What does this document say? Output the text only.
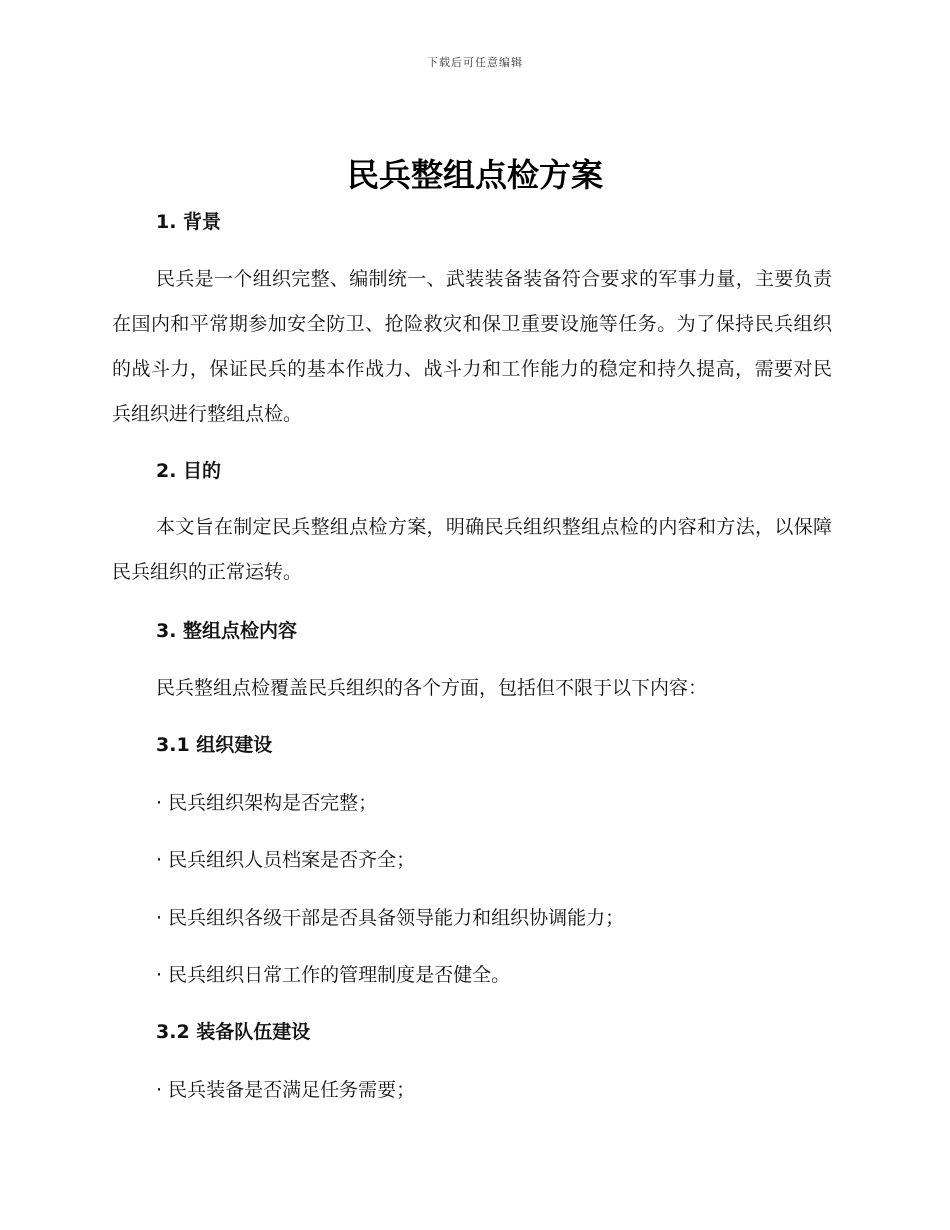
下载后可任意编辑
民兵整组点检方案
1. 背景
民兵是一个组织完整、编制统一、武装装备装备符合要求的军事力量，主要负责在国内和平常期参加安全防卫、抢险救灾和保卫重要设施等任务。为了保持民兵组织的战斗力，保证民兵的基本作战力、战斗力和工作能力的稳定和持久提高，需要对民兵组织进行整组点检。
2. 目的
本文旨在制定民兵整组点检方案，明确民兵组织整组点检的内容和方法，以保障民兵组织的正常运转。
3. 整组点检内容
民兵整组点检覆盖民兵组织的各个方面，包括但不限于以下内容：
3.1 组织建设
· 民兵组织架构是否完整；
· 民兵组织人员档案是否齐全；
· 民兵组织各级干部是否具备领导能力和组织协调能力；
· 民兵组织日常工作的管理制度是否健全。
3.2 装备队伍建设
· 民兵装备是否满足任务需要；
